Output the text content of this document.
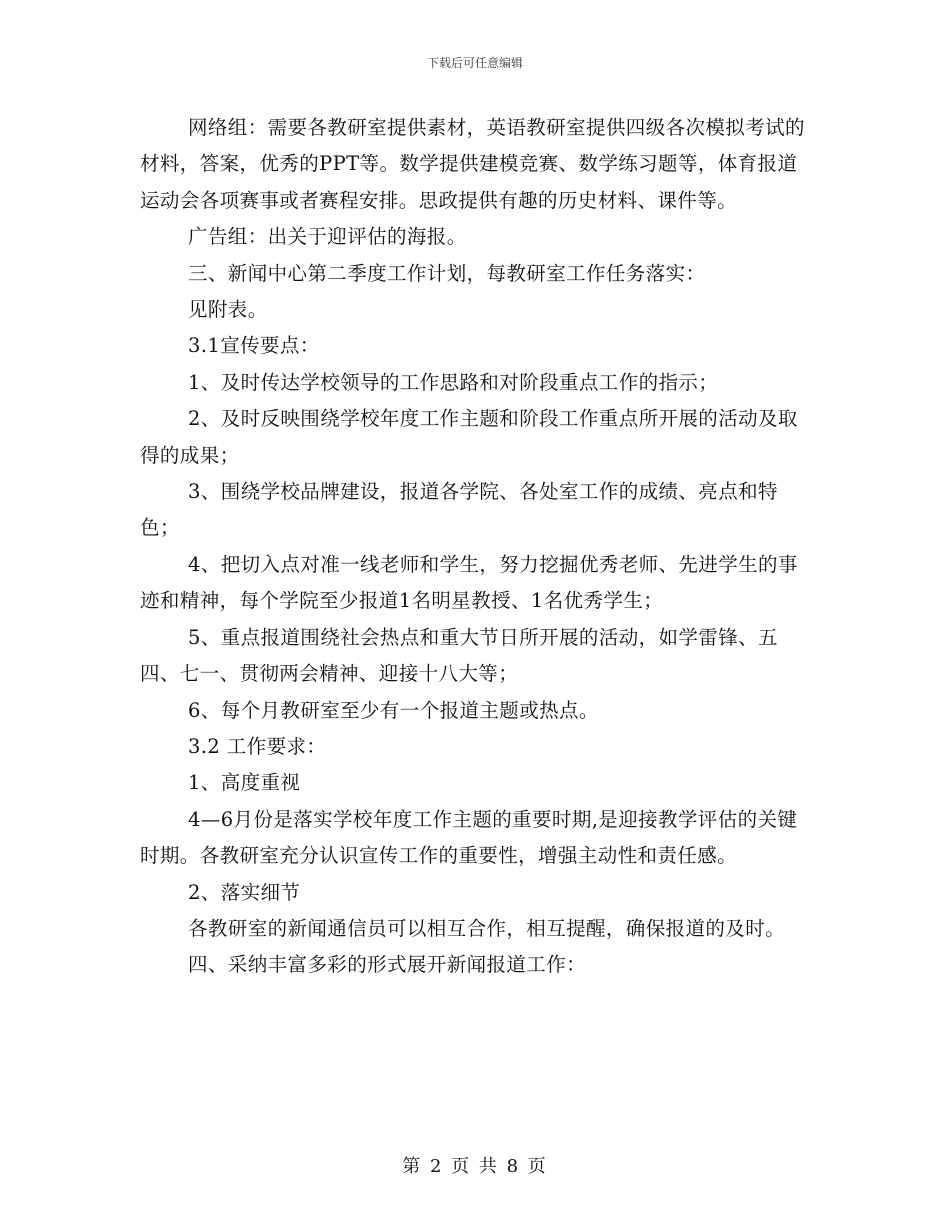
下载后可任意编辑

网络组：需要各教研室提供素材，英语教研室提供四级各次模拟考试的材料，答案，优秀的PPT等。数学提供建模竞赛、数学练习题等，体育报道运动会各项赛事或者赛程安排。思政提供有趣的历史材料、课件等。

广告组：出关于迎评估的海报。

三、新闻中心第二季度工作计划，每教研室工作任务落实：

见附表。

3.1宣传要点：

1、及时传达学校领导的工作思路和对阶段重点工作的指示；

2、及时反映围绕学校年度工作主题和阶段工作重点所开展的活动及取得的成果；

3、围绕学校品牌建设，报道各学院、各处室工作的成绩、亮点和特色；

4、把切入点对准一线老师和学生，努力挖掘优秀老师、先进学生的事迹和精神，每个学院至少报道1名明星教授、1名优秀学生；

5、重点报道围绕社会热点和重大节日所开展的活动，如学雷锋、五四、七一、贯彻两会精神、迎接十八大等；

6、每个月教研室至少有一个报道主题或热点。

3.2 工作要求：

1、高度重视

4—6月份是落实学校年度工作主题的重要时期,是迎接教学评估的关键时期。各教研室充分认识宣传工作的重要性，增强主动性和责任感。

2、落实细节

各教研室的新闻通信员可以相互合作，相互提醒，确保报道的及时。

四、采纳丰富多彩的形式展开新闻报道工作：

第 2 页 共 8 页
